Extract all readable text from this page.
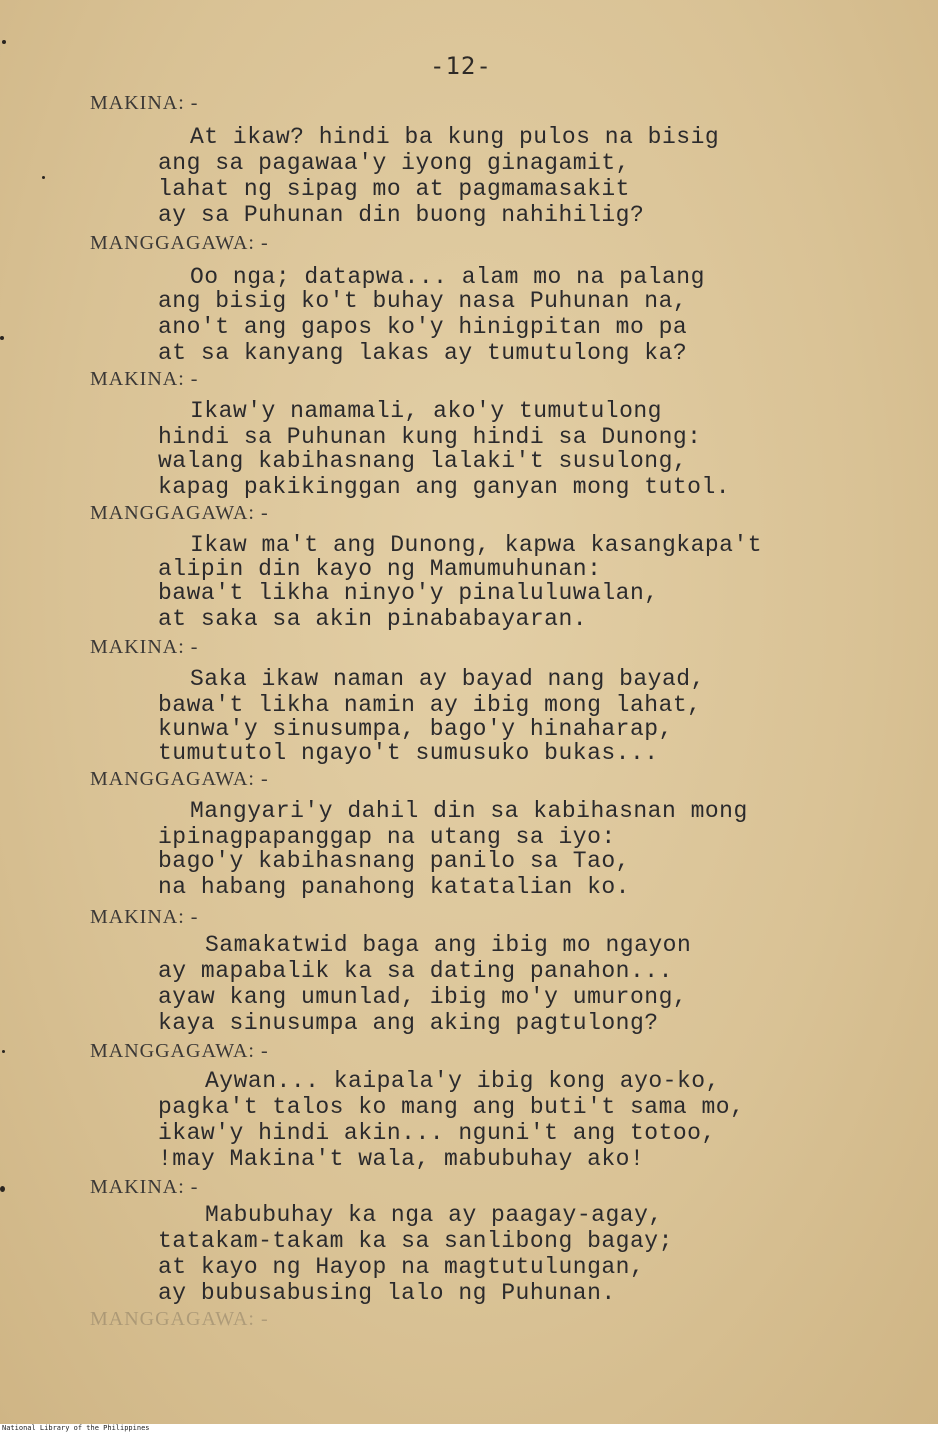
-12-
MAKINA: -
At ikaw? hindi ba kung pulos na bisig
ang sa pagawaa'y iyong ginagamit,
lahat ng sipag mo at pagmamasakit
ay sa Puhunan din buong nahihilig?
MANGGAGAWA: -
Oo nga; datapwa... alam mo na palang
ang bisig ko't buhay nasa Puhunan na,
ano't ang gapos ko'y hinigpitan mo pa
at sa kanyang lakas ay tumutulong ka?
MAKINA: -
Ikaw'y namamali, ako'y tumutulong
hindi sa Puhunan kung hindi sa Dunong:
walang kabihasnang lalaki't susulong,
kapag pakikinggan ang ganyan mong tutol.
MANGGAGAWA: -
Ikaw ma't ang Dunong, kapwa kasangkapa't
alipin din kayo ng Mamumuhunan:
bawa't likha ninyo'y pinaluluwalan,
at saka sa akin pinababayaran.
MAKINA: -
Saka ikaw naman ay bayad nang bayad,
bawa't likha namin ay ibig mong lahat,
kunwa'y sinusumpa, bago'y hinaharap,
tumututol ngayo't sumusuko bukas...
MANGGAGAWA: -
Mangyari'y dahil din sa kabihasnan mong
ipinagpapanggap na utang sa iyo:
bago'y kabihasnang panilo sa Tao,
na habang panahong katatalian ko.
MAKINA: -
Samakatwid baga ang ibig mo ngayon
ay mapabalik ka sa dating panahon...
ayaw kang umunlad, ibig mo'y umurong,
kaya sinusumpa ang aking pagtulong?
MANGGAGAWA: -
Aywan... kaipala'y ibig kong ayo-ko,
pagka't talos ko mang ang buti't sama mo,
ikaw'y hindi akin... nguni't ang totoo,
!may Makina't wala, mabubuhay ako!
MAKINA: -
Mabubuhay ka nga ay paagay-agay,
tatakam-takam ka sa sanlibong bagay;
at kayo ng Hayop na magtutulungan,
ay bubusabusing lalo ng Puhunan.
MANGGAGAWA: -
National Library of the Philippines
